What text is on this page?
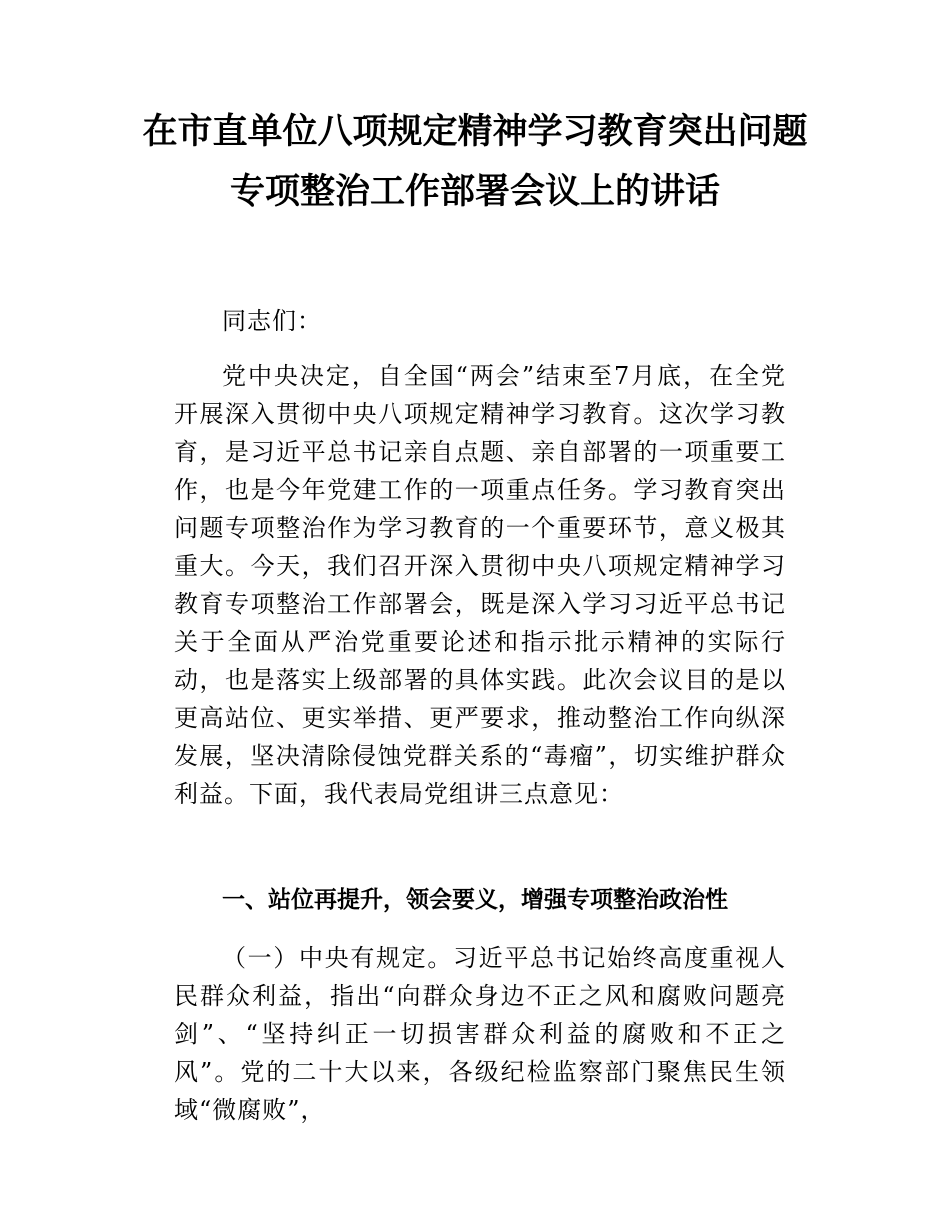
在市直单位八项规定精神学习教育突出问题
专项整治工作部署会议上的讲话
同志们：
党中央决定，自全国“两会”结束至7月底，在全党开展深入贯彻中央八项规定精神学习教育。这次学习教育，是习近平总书记亲自点题、亲自部署的一项重要工作，也是今年党建工作的一项重点任务。学习教育突出问题专项整治作为学习教育的一个重要环节，意义极其重大。今天，我们召开深入贯彻中央八项规定精神学习教育专项整治工作部署会，既是深入学习习近平总书记关于全面从严治党重要论述和指示批示精神的实际行动，也是落实上级部署的具体实践。此次会议目的是以更高站位、更实举措、更严要求，推动整治工作向纵深发展，坚决清除侵蚀党群关系的“毒瘤”，切实维护群众利益。下面，我代表局党组讲三点意见：
一、站位再提升，领会要义，增强专项整治政治性
（一）中央有规定。习近平总书记始终高度重视人民群众利益，指出“向群众身边不正之风和腐败问题亮剑”、“坚持纠正一切损害群众利益的腐败和不正之风”。党的二十大以来，各级纪检监察部门聚焦民生领域“微腐败”，
